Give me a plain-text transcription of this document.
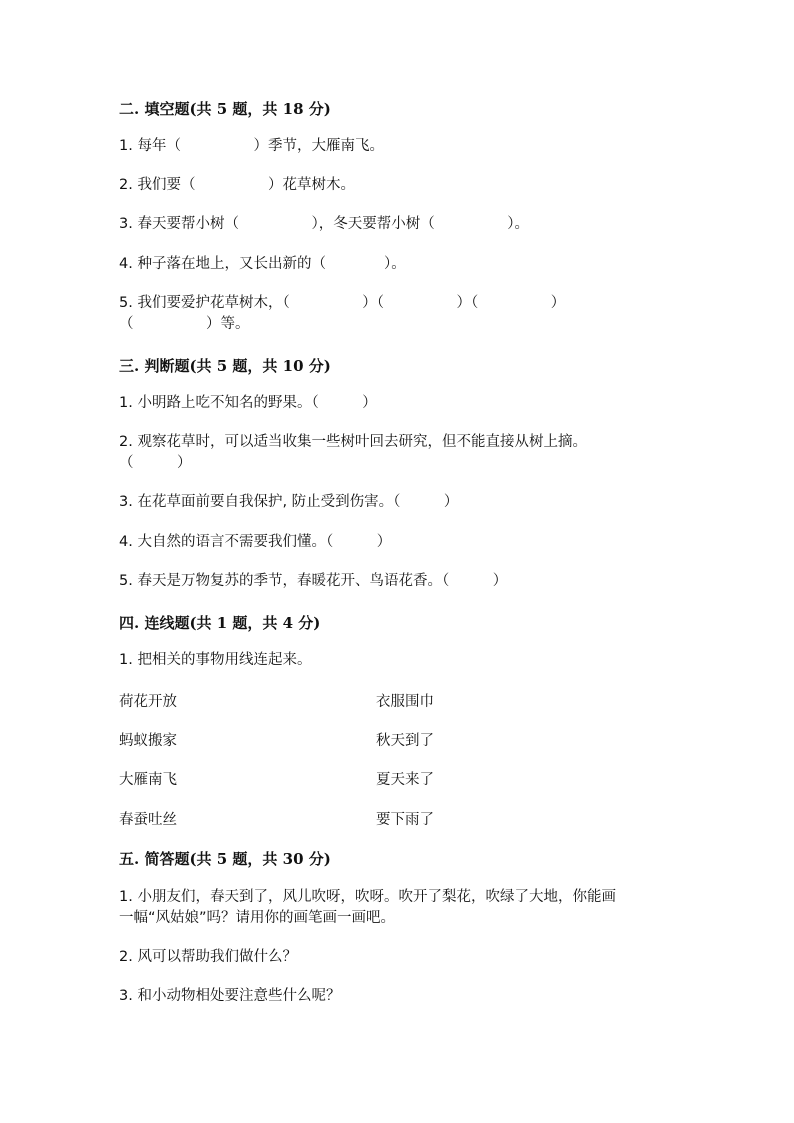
二. 填空题(共 5 题，共 18 分)
1. 每年（　　　　　）季节，大雁南飞。
2. 我们要（　　　　　）花草树木。
3. 春天要帮小树（　　　　　），冬天要帮小树（　　　　　）。
4. 种子落在地上，又长出新的（　　　　）。
5. 我们要爱护花草树木，（　　　　　）（　　　　　）（　　　　　）
（　　　　　）等。
三. 判断题(共 5 题，共 10 分)
1. 小明路上吃不知名的野果。（　　　）
2. 观察花草时，可以适当收集一些树叶回去研究，但不能直接从树上摘。
（　　　）
3. 在花草面前要自我保护, 防止受到伤害。（　　　）
4. 大自然的语言不需要我们懂。（　　　）
5. 春天是万物复苏的季节，春暖花开、鸟语花香。（　　　）
四. 连线题(共 1 题，共 4 分)
1. 把相关的事物用线连起来。
荷花开放
蚂蚁搬家
大雁南飞
春蚕吐丝
衣服围巾
秋天到了
夏天来了
要下雨了
五. 简答题(共 5 题，共 30 分)
1. 小朋友们，春天到了，风儿吹呀，吹呀。吹开了梨花，吹绿了大地，你能画
一幅“风姑娘”吗？请用你的画笔画一画吧。
2. 风可以帮助我们做什么？
3. 和小动物相处要注意些什么呢？
